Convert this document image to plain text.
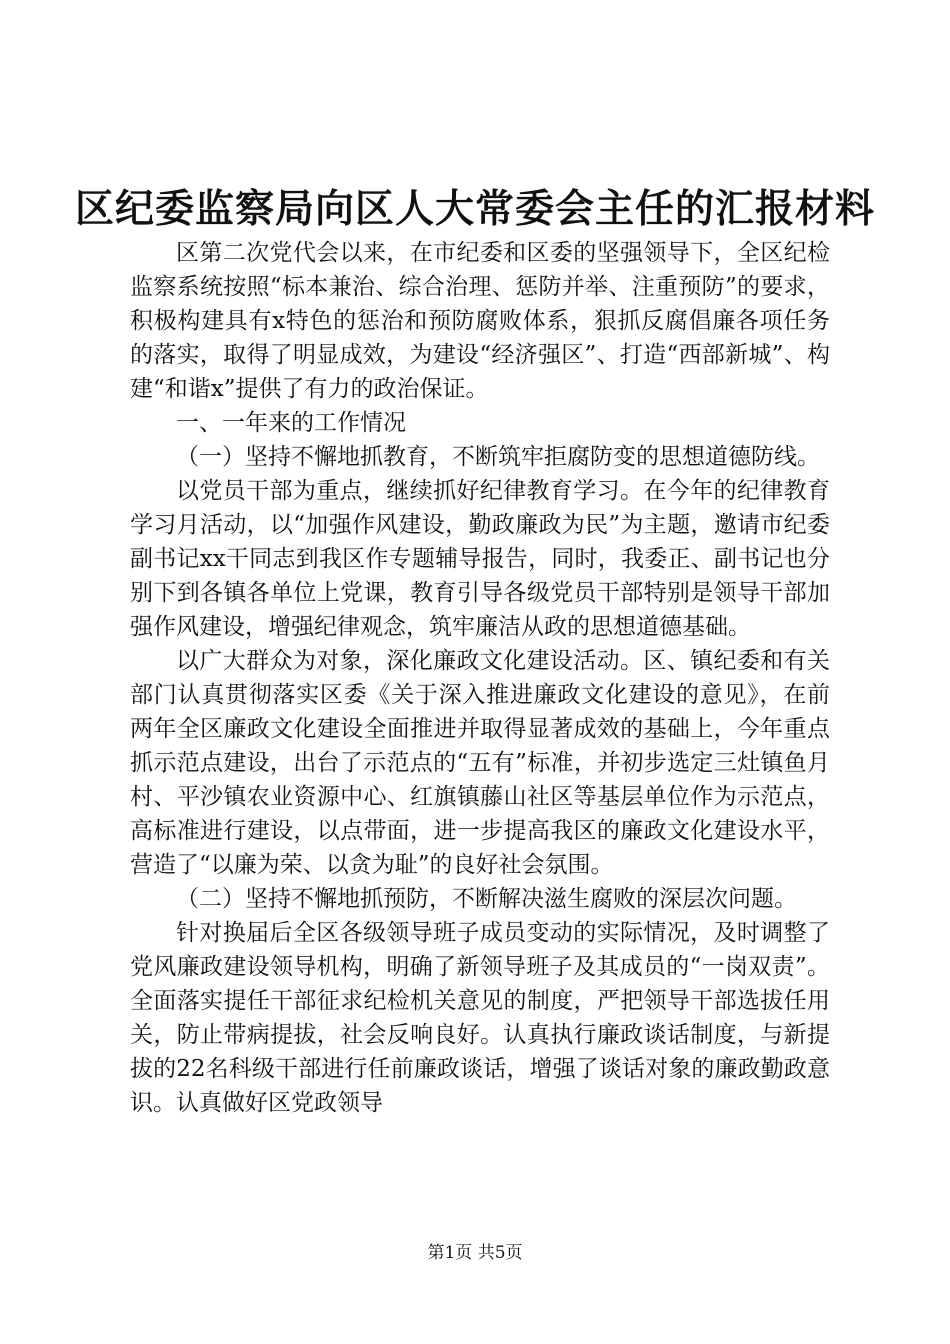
区纪委监察局向区人大常委会主任的汇报材料

区第二次党代会以来，在市纪委和区委的坚强领导下，全区纪检监察系统按照“标本兼治、综合治理、惩防并举、注重预防”的要求，积极构建具有x特色的惩治和预防腐败体系，狠抓反腐倡廉各项任务的落实，取得了明显成效，为建设“经济强区”、打造“西部新城”、构建“和谐x”提供了有力的政治保证。

一、一年来的工作情况

（一）坚持不懈地抓教育，不断筑牢拒腐防变的思想道德防线。

以党员干部为重点，继续抓好纪律教育学习。在今年的纪律教育学习月活动，以“加强作风建设，勤政廉政为民”为主题，邀请市纪委副书记xx干同志到我区作专题辅导报告，同时，我委正、副书记也分别下到各镇各单位上党课，教育引导各级党员干部特别是领导干部加强作风建设，增强纪律观念，筑牢廉洁从政的思想道德基础。

以广大群众为对象，深化廉政文化建设活动。区、镇纪委和有关部门认真贯彻落实区委《关于深入推进廉政文化建设的意见》，在前两年全区廉政文化建设全面推进并取得显著成效的基础上，今年重点抓示范点建设，出台了示范点的“五有”标准，并初步选定三灶镇鱼月村、平沙镇农业资源中心、红旗镇藤山社区等基层单位作为示范点，高标准进行建设，以点带面，进一步提高我区的廉政文化建设水平，营造了“以廉为荣、以贪为耻”的良好社会氛围。

（二）坚持不懈地抓预防，不断解决滋生腐败的深层次问题。

针对换届后全区各级领导班子成员变动的实际情况，及时调整了党风廉政建设领导机构，明确了新领导班子及其成员的“一岗双责”。全面落实提任干部征求纪检机关意见的制度，严把领导干部选拔任用关，防止带病提拔，社会反响良好。认真执行廉政谈话制度，与新提拔的22名科级干部进行任前廉政谈话，增强了谈话对象的廉政勤政意识。认真做好区党政领导

第1页 共5页
